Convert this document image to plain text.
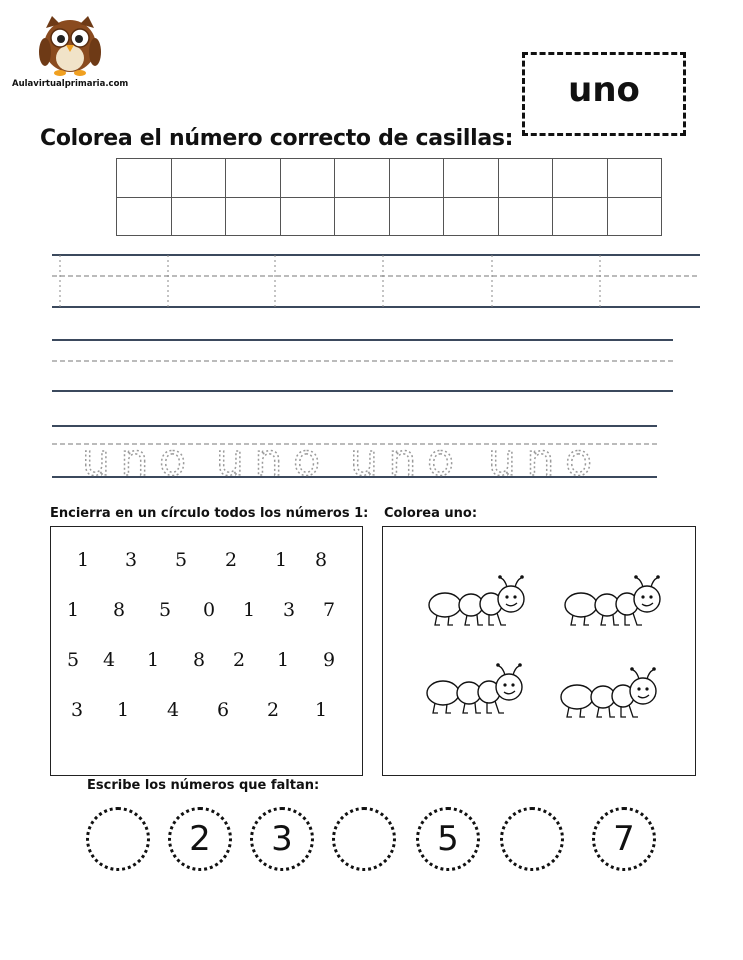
Aulavirtualprimaria.com	uno
Colorea el número correcto de casillas:

uno uno uno uno
Encierra en un círculo todos los números 1:
1 3 5 2 1 8
1 8 5 0 1 3 7
5 4 1 8 2 1 9
3 1 4 6 2 1
Colorea uno:
Escribe los números que faltan:
2	3	5	7
